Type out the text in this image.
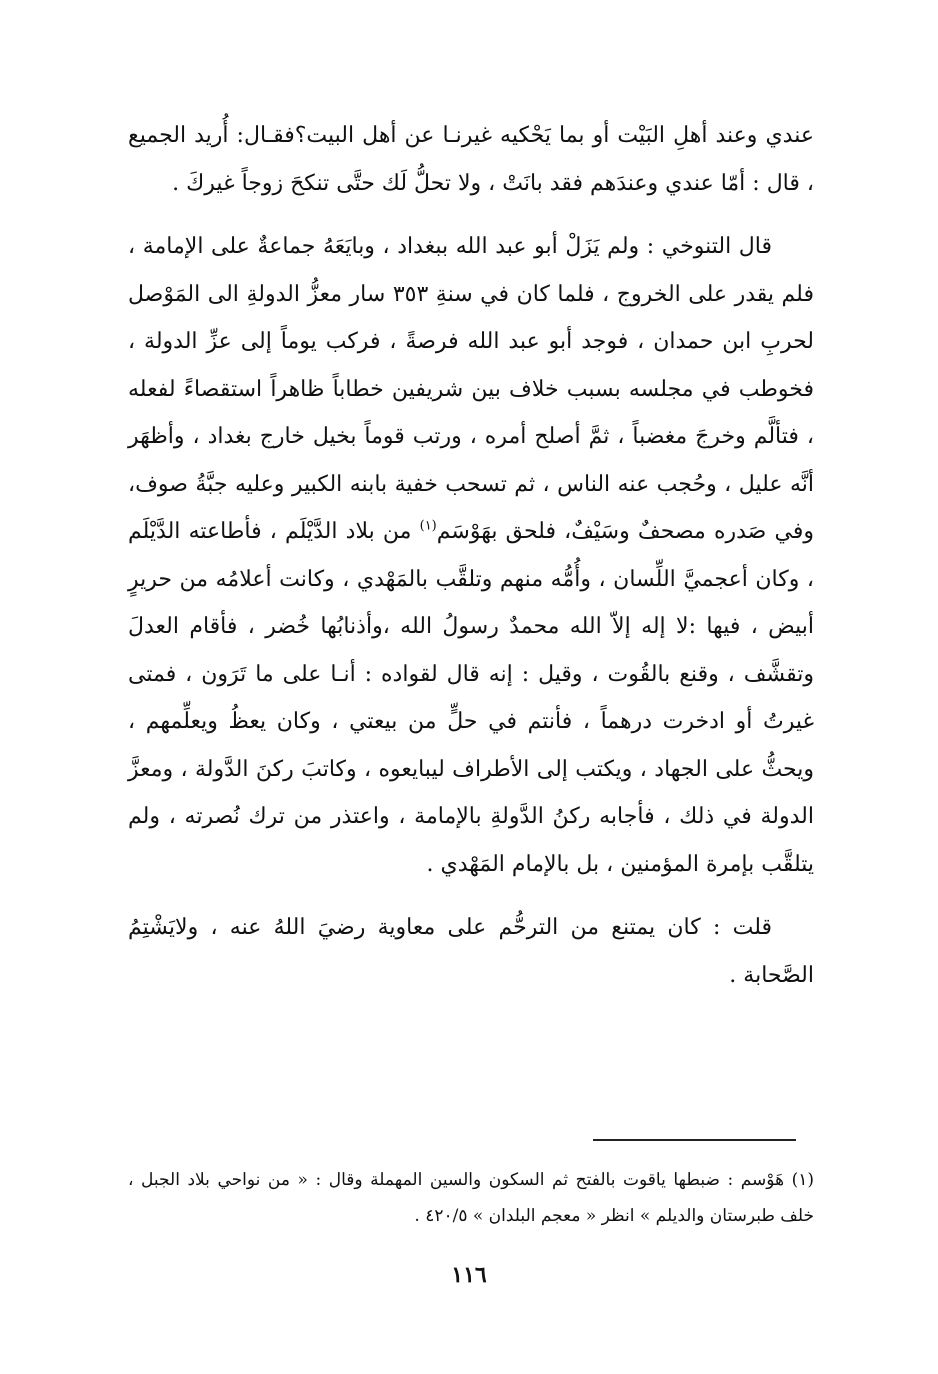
عندي وعند أهلِ البَيْت أو بما يَحْكيه غيرنـا عن أهل البيت؟فقـال: أُريد الجميع ، قال : أمّا عندي وعندَهم فقد بانَتْ ، ولا تحلُّ لَك حتَّى تنكحَ زوجاً غيركَ .

قال التنوخي : ولم يَزَلْ أبو عبد الله ببغداد ، وبايَعَهُ جماعةٌ على الإمامة ، فلم يقدر على الخروج ، فلما كان في سنةِ ٣٥٣ سار معزُّ الدولةِ الى المَوْصل لحربِ ابن حمدان ، فوجد أبو عبد الله فرصةً ، فركب يوماً إلى عزِّ الدولة ، فخوطب في مجلسه بسبب خلاف بين شريفين خطاباً ظاهراً استقصاءً لفعله ، فتألَّم وخرجَ مغضباً ، ثمَّ أصلح أمره ، ورتب قوماً بخيل خارج بغداد ، وأظهَر أنَّه عليل ، وحُجب عنه الناس ، ثم تسحب خفية بابنه الكبير وعليه جبَّةُ صوف، وفي صَدره مصحفٌ وسَيْفٌ، فلحق بهَوْسَم$^{(١)}$ من بلاد الدَّيْلَم ، فأطاعته الدَّيْلَم ، وكان أعجميَّ اللِّسان ، وأُمُّه منهم وتلقَّب بالمَهْدي ، وكانت أعلامُه من حريرٍ أبيض ، فيها :لا إله إلاّ الله محمدٌ رسولُ الله ،وأذنابُها خُضر ، فأقام العدلَ وتقشَّف ، وقنع بالقُوت ، وقيل : إنه قال لقواده : أنـا على ما تَرَون ، فمتى غيرتُ أو ادخرت درهماً ، فأنتم في حلٍّ من بيعتي ، وكان يعظُ ويعلِّمهم ، ويحثُّ على الجهاد ، ويكتب إلى الأطراف ليبايعوه ، وكاتبَ ركنَ الدَّولة ، ومعزَّ الدولة في ذلك ، فأجابه ركنُ الدَّولةِ بالإمامة ، واعتذر من ترك نُصرته ، ولم يتلقَّب بإمرة المؤمنين ، بل بالإمام المَهْدي .

قلت : كان يمتنع من الترحُّم على معاوية رضيَ اللهُ عنه ، ولايَشْتِمُ الصَّحابة .

(١) هَوْسم : ضبطها ياقوت بالفتح ثم السكون والسين المهملة وقال : « من نواحي بلاد الجبل ، خلف طبرستان والديلم » انظر « معجم البلدان » ٤٢٠/٥ .
١١٦
